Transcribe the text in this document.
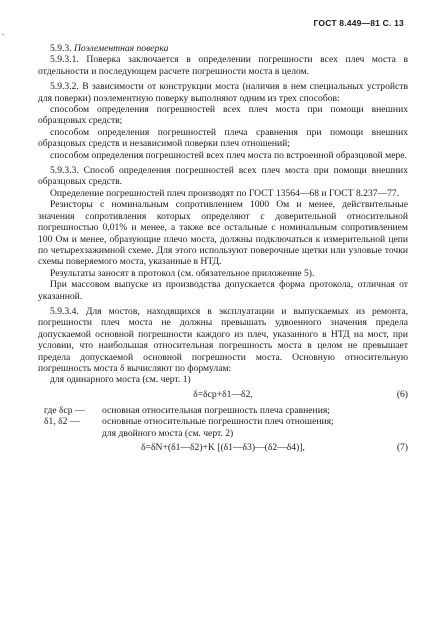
ГОСТ 8.449—81 С. 13
-

5.9.3. Поэлементная поверка

5.9.3.1. Поверка заключается в определении погрешности всех плеч моста в отдельности и последующем расчете погрешности моста в целом.

5.9.3.2. В зависимости от конструкции моста (наличия в нем специальных устройств для поверки) поэлементную поверку выполняют одним из трех способов:

способом определения погрешностей всех плеч моста при помощи внешних образцовых средств;

способом определения погрешностей плеча сравнения при помощи внешних образцовых средств и независимой поверки плеч отношений;

способом определения погрешностей всех плеч моста по встроенной образцовой мере.

5.9.3.3. Способ определения погрешностей всех плеч моста при помощи внешних образцовых средств.

Определение погрешностей плеч производят по ГОСТ 13564—68 и ГОСТ 8.237—77.

Резисторы с номинальным сопротивлением 1000 Ом и менее, действительные значения сопротивления которых определяют с доверительной относительной погрешностью 0,01% и менее, а также все остальные с номинальным сопротивлением 100 Ом и менее, образующие плечо моста, должны подключаться к измерительной цепи по четырехзажимной схеме. Для этого используют поверочные щетки или узловые точки схемы поверяемого моста, указанные в НТД.

Результаты заносят в протокол (см. обязательное приложение 5).

При массовом выпуске из производства допускается форма протокола, отличная от указанной.

5.9.3.4. Для мостов, находящихся в эксплуатации и выпускаемых из ремонта, погрешности плеч моста не должны превышать удвоенного значения предела допускаемой основной погрешности каждого из плеч, указанного в НТД на мост, при условии, что наибольшая относительная погрешность моста в целом не превышает предела допускаемой основной погрешности моста. Основную относительную погрешность моста δ вычисляют по формулам:

для одинарного моста (см. черт. 1)

δ=δср+δ1—δ2,	(6)
где δср —	основная относительная погрешность плеча сравнения;
δ1, δ2 —	основные относительные погрешности плеч отношения;

для двойного моста (см. черт. 2)

δ=δN+(δ1—δ2)+K [(δ1—δ3)—(δ2—δ4)],	(7)
